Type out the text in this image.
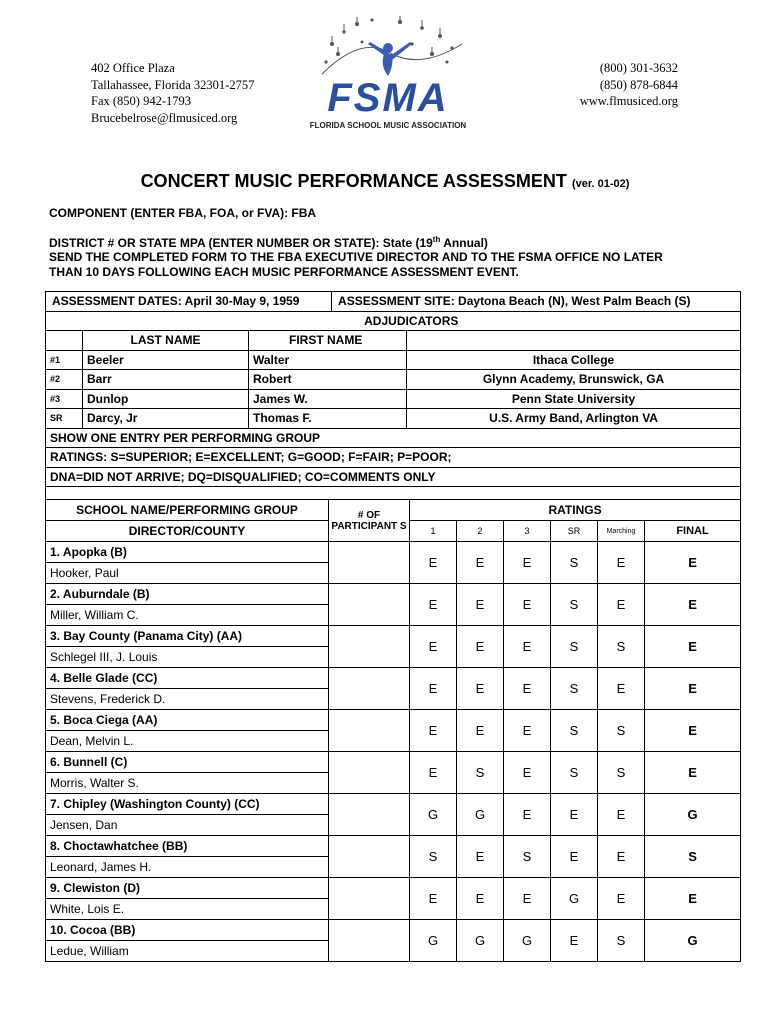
402 Office Plaza
Tallahassee, Florida 32301-2757
Fax (850) 942-1793
Brucebelrose@flmusiced.org	FSMA
FLORIDA SCHOOL MUSIC ASSOCIATION
(800) 301-3632
(850) 878-6844
www.flmusiced.org
CONCERT MUSIC PERFORMANCE ASSESSMENT (ver. 01-02)
COMPONENT (ENTER FBA, FOA, or FVA): FBA
DISTRICT # OR STATE MPA (ENTER NUMBER OR STATE): State (19th Annual)
SEND THE COMPLETED FORM TO THE FBA EXECUTIVE DIRECTOR AND TO THE FSMA OFFICE NO LATER
THAN 10 DAYS FOLLOWING EACH MUSIC PERFORMANCE ASSESSMENT EVENT.
ASSESSMENT DATES: April 30-May 9, 1959			ASSESSMENT SITE: Daytona Beach (N), West Palm Beach (S)	
	ADJUDICATORS			
	LAST NAME	FIRST NAME		
#1	Beeler	Walter		Ithaca College
#2	Barr	Robert		Glynn Academy, Brunswick, GA
#3	Dunlop	James W.		Penn State University
SR	Darcy, Jr	Thomas F.		U.S. Army Band, Arlington VA
SHOW ONE ENTRY PER PERFORMING GROUP				
RATINGS: S=SUPERIOR; E=EXCELLENT; G=GOOD; F=FAIR; P=POOR;				
DNA=DID NOT ARRIVE; DQ=DISQUALIFIED; CO=COMMENTS ONLY				

SCHOOL NAME/PERFORMING GROUP	# OF PARTICIPANT S	RATINGS					
DIRECTOR/COUNTY		1	2	3	SR	Marching	FINAL
1. Apopka (B)		E	E	E	S	E	E
Hooker, Paul							
2. Auburndale (B)		E	E	E	S	E	E
Miller, William C.							
3. Bay County (Panama City) (AA)		E	E	E	S	S	E
Schlegel III, J. Louis							
4. Belle Glade (CC)		E	E	E	S	E	E
Stevens, Frederick D.							
5. Boca Ciega (AA)		E	E	E	S	S	E
Dean, Melvin L.							
6. Bunnell (C)		E	S	E	S	S	E
Morris, Walter S.							
7. Chipley (Washington County) (CC)		G	G	E	E	E	G
Jensen, Dan							
8. Choctawhatchee (BB)		S	E	S	E	E	S
Leonard, James H.							
9. Clewiston (D)		E	E	E	G	E	E
White, Lois E.							
10. Cocoa (BB)		G	G	G	E	S	G
Ledue, William							
